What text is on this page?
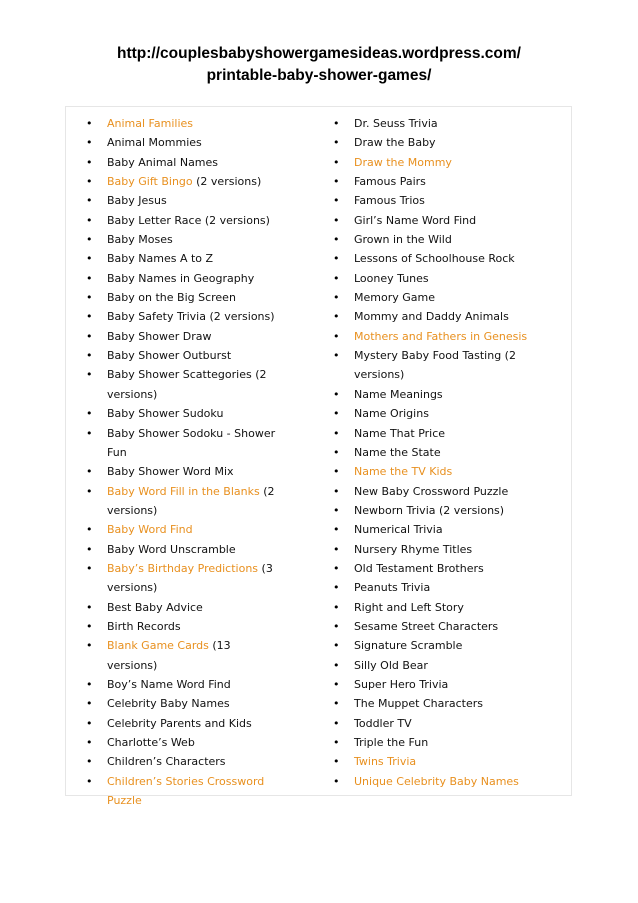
http://couplesbabyshowergamesideas.wordpress.com/
printable-baby-shower-games/
• Animal Families
• Animal Mommies
• Baby Animal Names
• Baby Gift Bingo (2 versions)
• Baby Jesus
• Baby Letter Race (2 versions)
• Baby Moses
• Baby Names A to Z
• Baby Names in Geography
• Baby on the Big Screen
• Baby Safety Trivia (2 versions)
• Baby Shower Draw
• Baby Shower Outburst
• Baby Shower Scattegories (2
versions)
• Baby Shower Sudoku
• Baby Shower Sodoku - Shower
Fun
• Baby Shower Word Mix
• Baby Word Fill in the Blanks (2
versions)
• Baby Word Find
• Baby Word Unscramble
• Baby’s Birthday Predictions (3
versions)
• Best Baby Advice
• Birth Records
• Blank Game Cards (13 versions)
• Boy’s Name Word Find
• Celebrity Baby Names
• Celebrity Parents and Kids
• Charlotte’s Web
• Children’s Characters
• Children’s Stories Crossword
Puzzle
• Dr. Seuss Trivia
• Draw the Baby
• Draw the Mommy
• Famous Pairs
• Famous Trios
• Girl’s Name Word Find
• Grown in the Wild
• Lessons of Schoolhouse Rock
• Looney Tunes
• Memory Game
• Mommy and Daddy Animals
• Mothers and Fathers in Genesis
• Mystery Baby Food Tasting (2
versions)
• Name Meanings
• Name Origins
• Name That Price
• Name the State
• Name the TV Kids
• New Baby Crossword Puzzle
• Newborn Trivia (2 versions)
• Numerical Trivia
• Nursery Rhyme Titles
• Old Testament Brothers
• Peanuts Trivia
• Right and Left Story
• Sesame Street Characters
• Signature Scramble
• Silly Old Bear
• Super Hero Trivia
• The Muppet Characters
• Toddler TV
• Triple the Fun
• Twins Trivia
• Unique Celebrity Baby Names
